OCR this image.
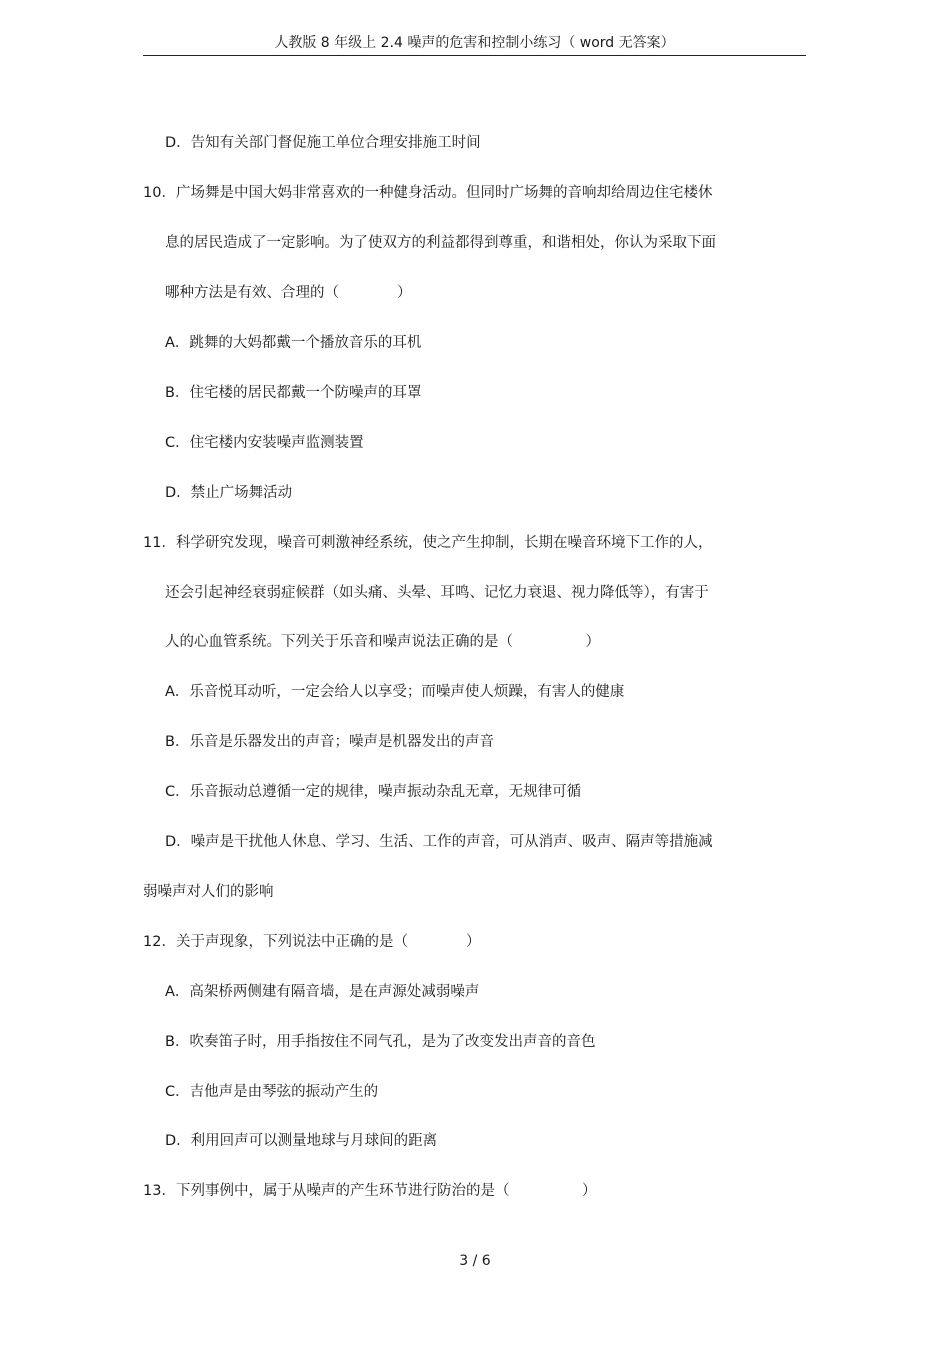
人教版 8 年级上 2.4 噪声的危害和控制小练习（ word 无答案）
D．告知有关部门督促施工单位合理安排施工时间
10．广场舞是中国大妈非常喜欢的一种健身活动。但同时广场舞的音响却给周边住宅楼休
息的居民造成了一定影响。为了使双方的利益都得到尊重，和谐相处，你认为采取下面
哪种方法是有效、合理的（　　　　）
A．跳舞的大妈都戴一个播放音乐的耳机
B．住宅楼的居民都戴一个防噪声的耳罩
C．住宅楼内安装噪声监测装置
D．禁止广场舞活动
11．科学研究发现，噪音可刺激神经系统，使之产生抑制，长期在噪音环境下工作的人，
还会引起神经衰弱症候群（如头痛、头晕、耳鸣、记忆力衰退、视力降低等），有害于
人的心血管系统。下列关于乐音和噪声说法正确的是（　　　　　）
A．乐音悦耳动听，一定会给人以享受；而噪声使人烦躁，有害人的健康
B．乐音是乐器发出的声音；噪声是机器发出的声音
C．乐音振动总遵循一定的规律，噪声振动杂乱无章，无规律可循
D．噪声是干扰他人休息、学习、生活、工作的声音，可从消声、吸声、隔声等措施减
弱噪声对人们的影响
12．关于声现象，下列说法中正确的是（　　　　）
A．高架桥两侧建有隔音墙，是在声源处减弱噪声
B．吹奏笛子时，用手指按住不同气孔，是为了改变发出声音的音色
C．吉他声是由琴弦的振动产生的
D．利用回声可以测量地球与月球间的距离
13．下列事例中，属于从噪声的产生环节进行防治的是（　　　　　）
3 / 6
